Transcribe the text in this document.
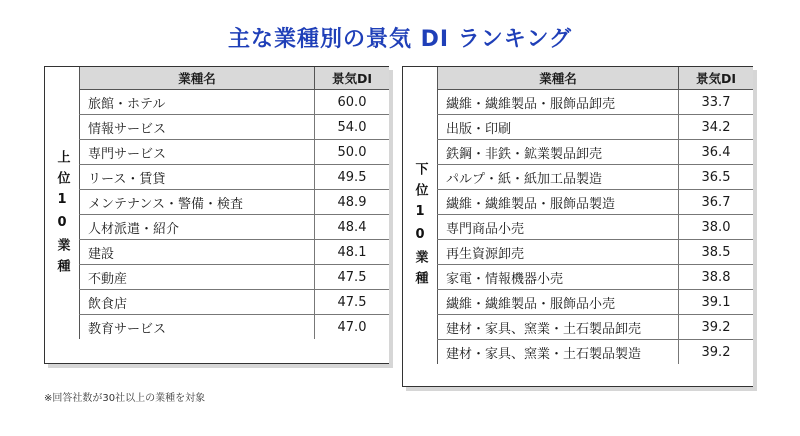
主な業種別の景気 DI ランキング
上位10業種
業種名	景気DI
旅館・ホテル	60.0
情報サービス	54.0
専門サービス	50.0
リース・賃貸	49.5
メンテナンス・警備・検査	48.9
人材派遣・紹介	48.4
建設	48.1
不動産	47.5
飲食店	47.5
教育サービス	47.0
下位10業種
業種名	景気DI
繊維・繊維製品・服飾品卸売	33.7
出版・印刷	34.2
鉄鋼・非鉄・鉱業製品卸売	36.4
パルプ・紙・紙加工品製造	36.5
繊維・繊維製品・服飾品製造	36.7
専門商品小売	38.0
再生資源卸売	38.5
家電・情報機器小売	38.8
繊維・繊維製品・服飾品小売	39.1
建材・家具、窯業・土石製品卸売	39.2
建材・家具、窯業・土石製品製造	39.2
※回答社数が30社以上の業種を対象
